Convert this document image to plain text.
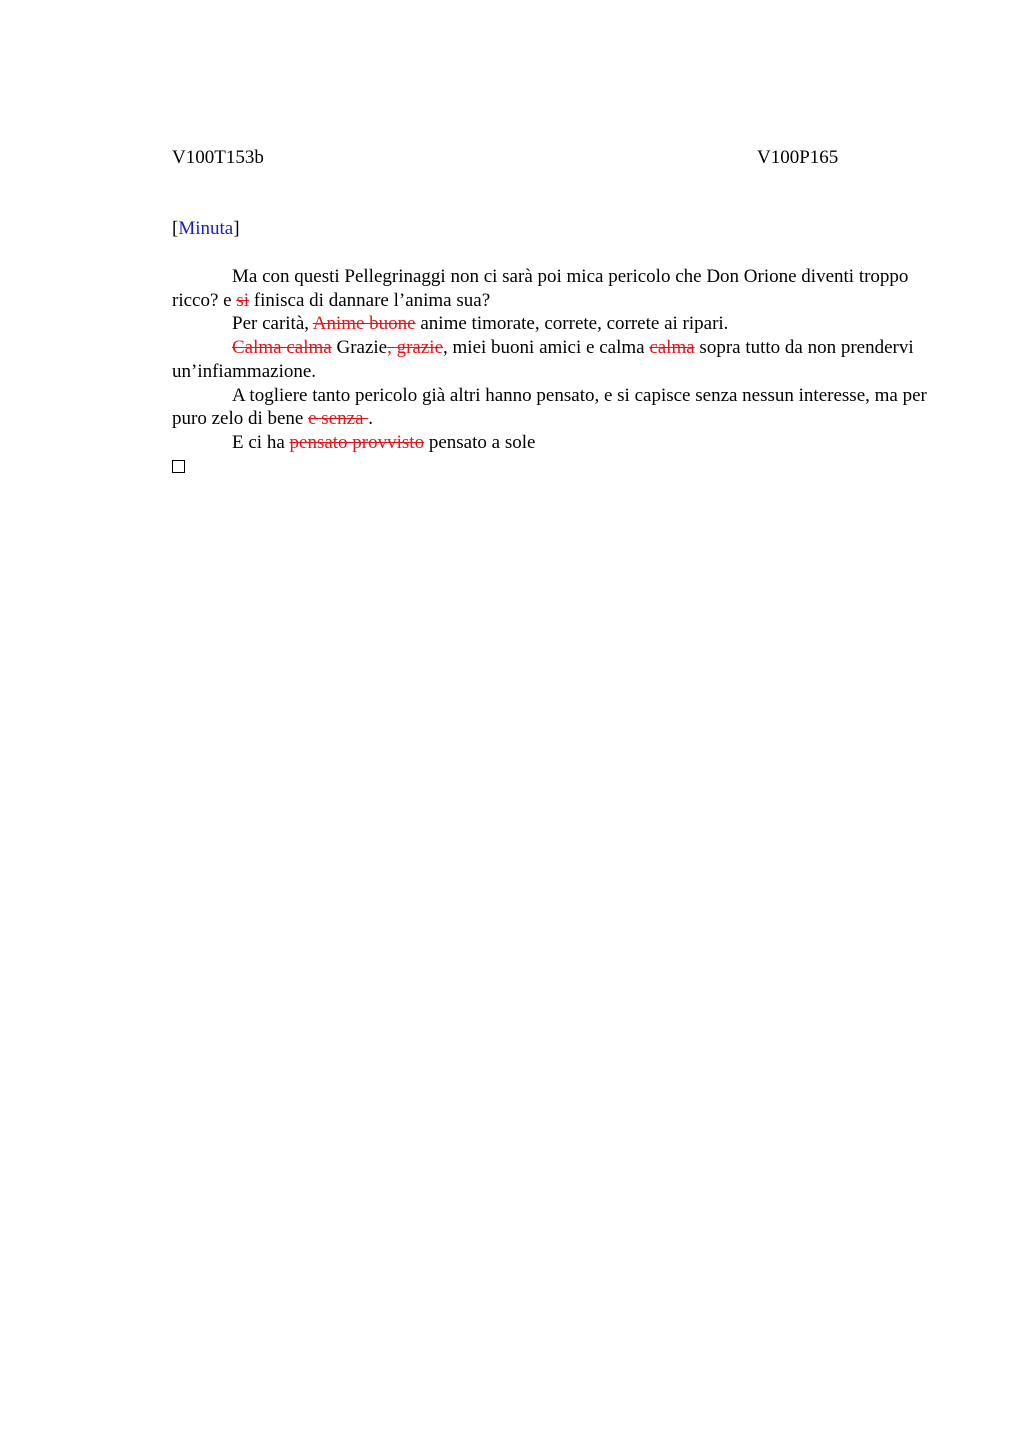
V100T153b	V100P165
[Minuta]

Ma con questi Pellegrinaggi non ci sarà poi mica pericolo che Don Orione diventi troppo ricco? e si finisca di dannare l’anima sua?

Per carità, Anime buone anime timorate, correte, correte ai ripari.

Calma calma Grazie, grazie, miei buoni amici e calma calma sopra tutto da non prendervi un’infiammazione.

A togliere tanto pericolo già altri hanno pensato, e si capisce senza nessun interesse, ma per puro zelo di bene e senza .

E ci ha pensato provvisto pensato a sole
